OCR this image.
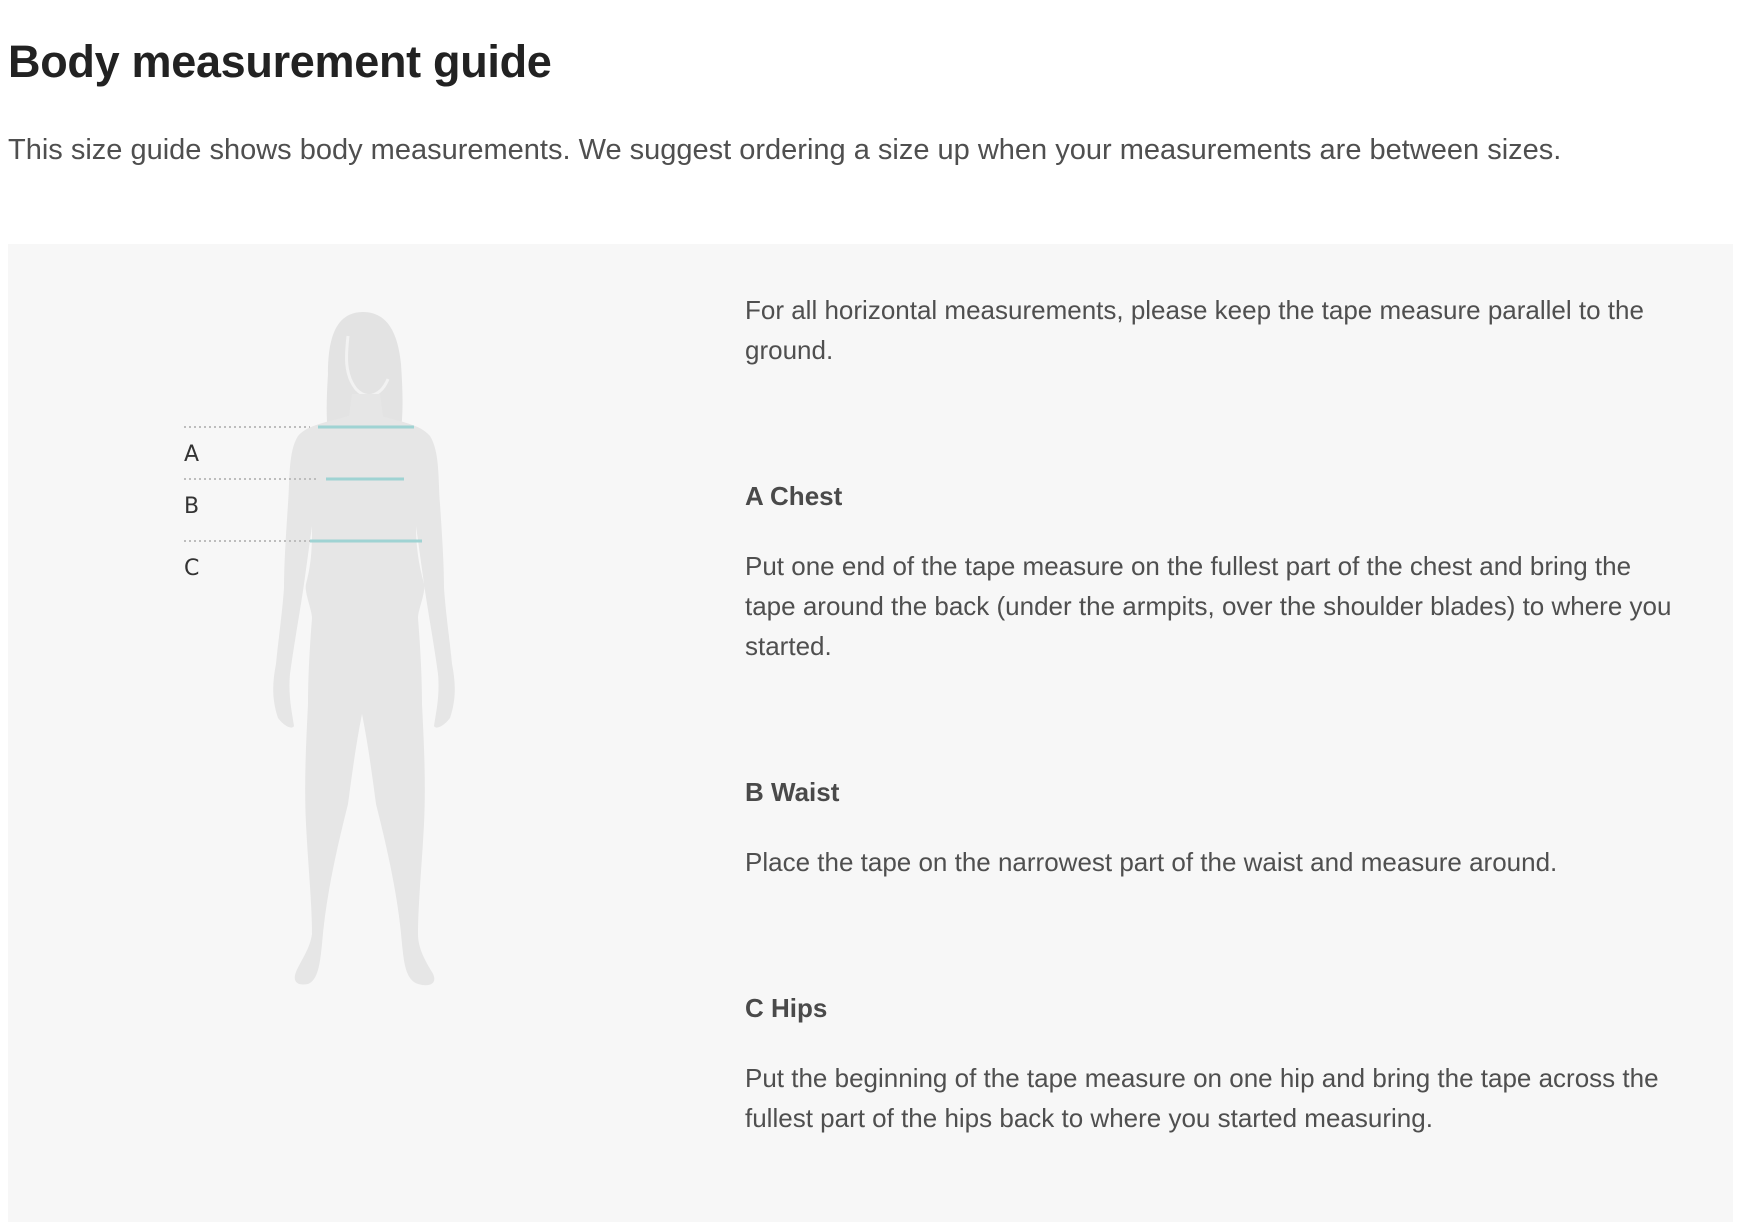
Body measurement guide

This size guide shows body measurements. We suggest ordering a size up when your measurements are between sizes.

A
B
C

For all horizontal measurements, please keep the tape measure parallel to the ground.

A Chest

Put one end of the tape measure on the fullest part of the chest and bring the tape around the back (under the armpits, over the shoulder blades) to where you started.

B Waist

Place the tape on the narrowest part of the waist and measure around.

C Hips

Put the beginning of the tape measure on one hip and bring the tape across the fullest part of the hips back to where you started measuring.
